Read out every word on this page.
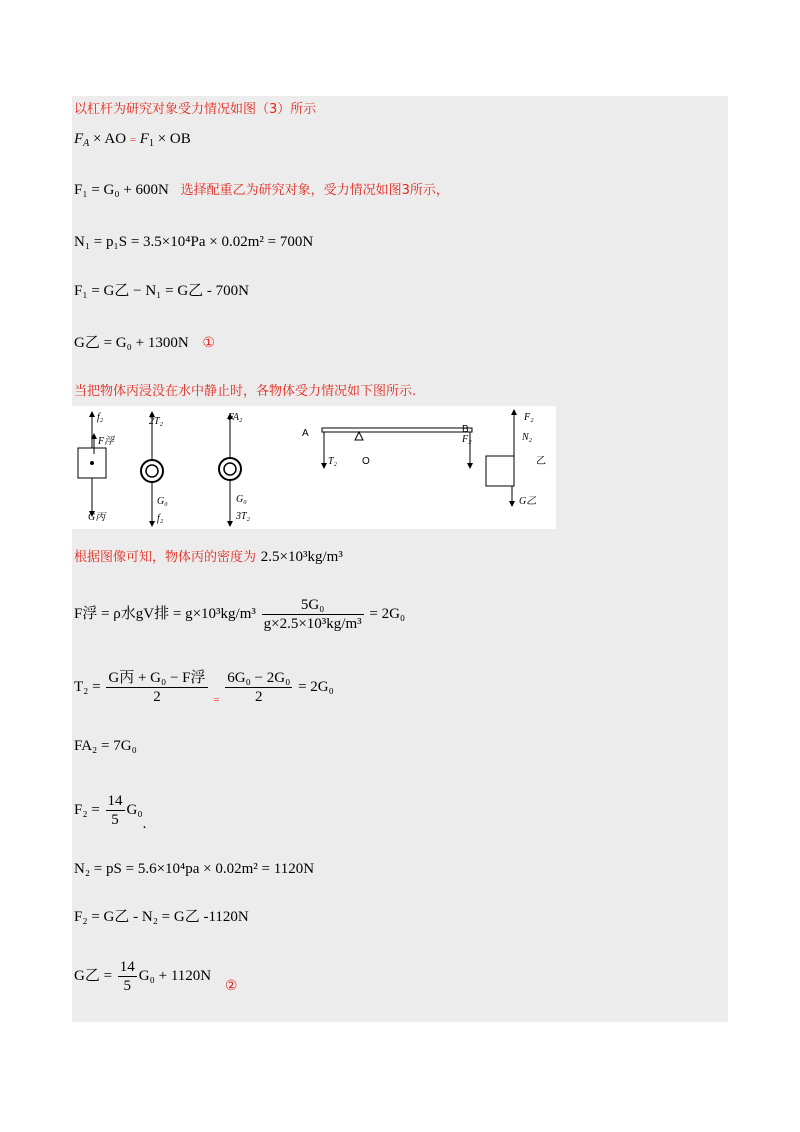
以杠杆为研究对象受力情况如图（3）所示
$F_A$ × AO = $F_1$ × OB
F₁ = G₀ + 600N 选择配重乙为研究对象，受力情况如图3所示，
N₁ = p₁S = 3.5×10⁴Pa × 0.02m² = 700N
F₁ = G乙 − N₁ = G乙 - 700N
G乙 = G₀ + 1300N ①
当把物体丙浸没在水中静止时，各物体受力情况如下图所示.
f₂
F浮
G丙
2T₂
G₀
f₂
FA₂
G₀
3T₂
A
T₂ O
B
F₂
F₂
N₂
乙
G乙
根据图像可知，物体丙的密度为 2.5×10³kg/m³
F浮 = ρ水gV排 = $g\times 10^3kg/m^3 \frac{\text{5G₀}}{\text{g×2.5×10³kg/m³}} = 2G_0$
$T_2 = \frac{\text{G丙 + G₀ − F浮}}{2} _= \frac{\text{6G₀ − 2G₀}}{2} = 2G_0$
FA₂ = 7G₀
$F_2 = \frac{14}{5} G_0$.
N₂ = pS = 5.6×10⁴pa × 0.02m² = 1120N
F₂ = G乙 - N₂ = G乙 -1120N
G乙 = $\frac{14}{5} G_0 + 1120N$ ②
